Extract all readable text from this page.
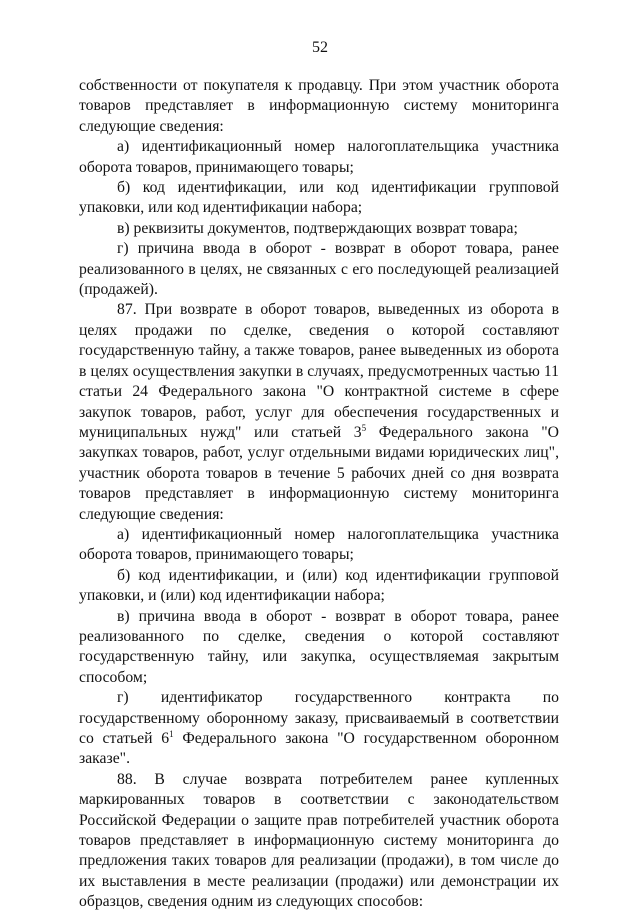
52

собственности от покупателя к продавцу. При этом участник оборота товаров представляет в информационную систему мониторинга следующие сведения:

а) идентификационный номер налогоплательщика участника оборота товаров, принимающего товары;

б) код идентификации, или код идентификации групповой упаковки, или код идентификации набора;

в) реквизиты документов, подтверждающих возврат товара;

г) причина ввода в оборот - возврат в оборот товара, ранее реализованного в целях, не связанных с его последующей реализацией (продажей).

87. При возврате в оборот товаров, выведенных из оборота в целях продажи по сделке, сведения о которой составляют государственную тайну, а также товаров, ранее выведенных из оборота в целях осуществления закупки в случаях, предусмотренных частью 11 статьи 24 Федерального закона "О контрактной системе в сфере закупок товаров, работ, услуг для обеспечения государственных и муниципальных нужд" или статьей $3^5$ Федерального закона "О закупках товаров, работ, услуг отдельными видами юридических лиц", участник оборота товаров в течение 5 рабочих дней со дня возврата товаров представляет в информационную систему мониторинга следующие сведения:

а) идентификационный номер налогоплательщика участника оборота товаров, принимающего товары;

б) код идентификации, и (или) код идентификации групповой упаковки, и (или) код идентификации набора;

в) причина ввода в оборот - возврат в оборот товара, ранее реализованного по сделке, сведения о которой составляют государственную тайну, или закупка, осуществляемая закрытым способом;

г) идентификатор государственного контракта по государственному оборонному заказу, присваиваемый в соответствии со статьей $6^1$ Федерального закона "О государственном оборонном заказе".

88. В случае возврата потребителем ранее купленных маркированных товаров в соответствии с законодательством Российской Федерации о защите прав потребителей участник оборота товаров представляет в информационную систему мониторинга до предложения таких товаров для реализации (продажи), в том числе до их выставления в месте реализации (продажи) или демонстрации их образцов, сведения одним из следующих способов:
